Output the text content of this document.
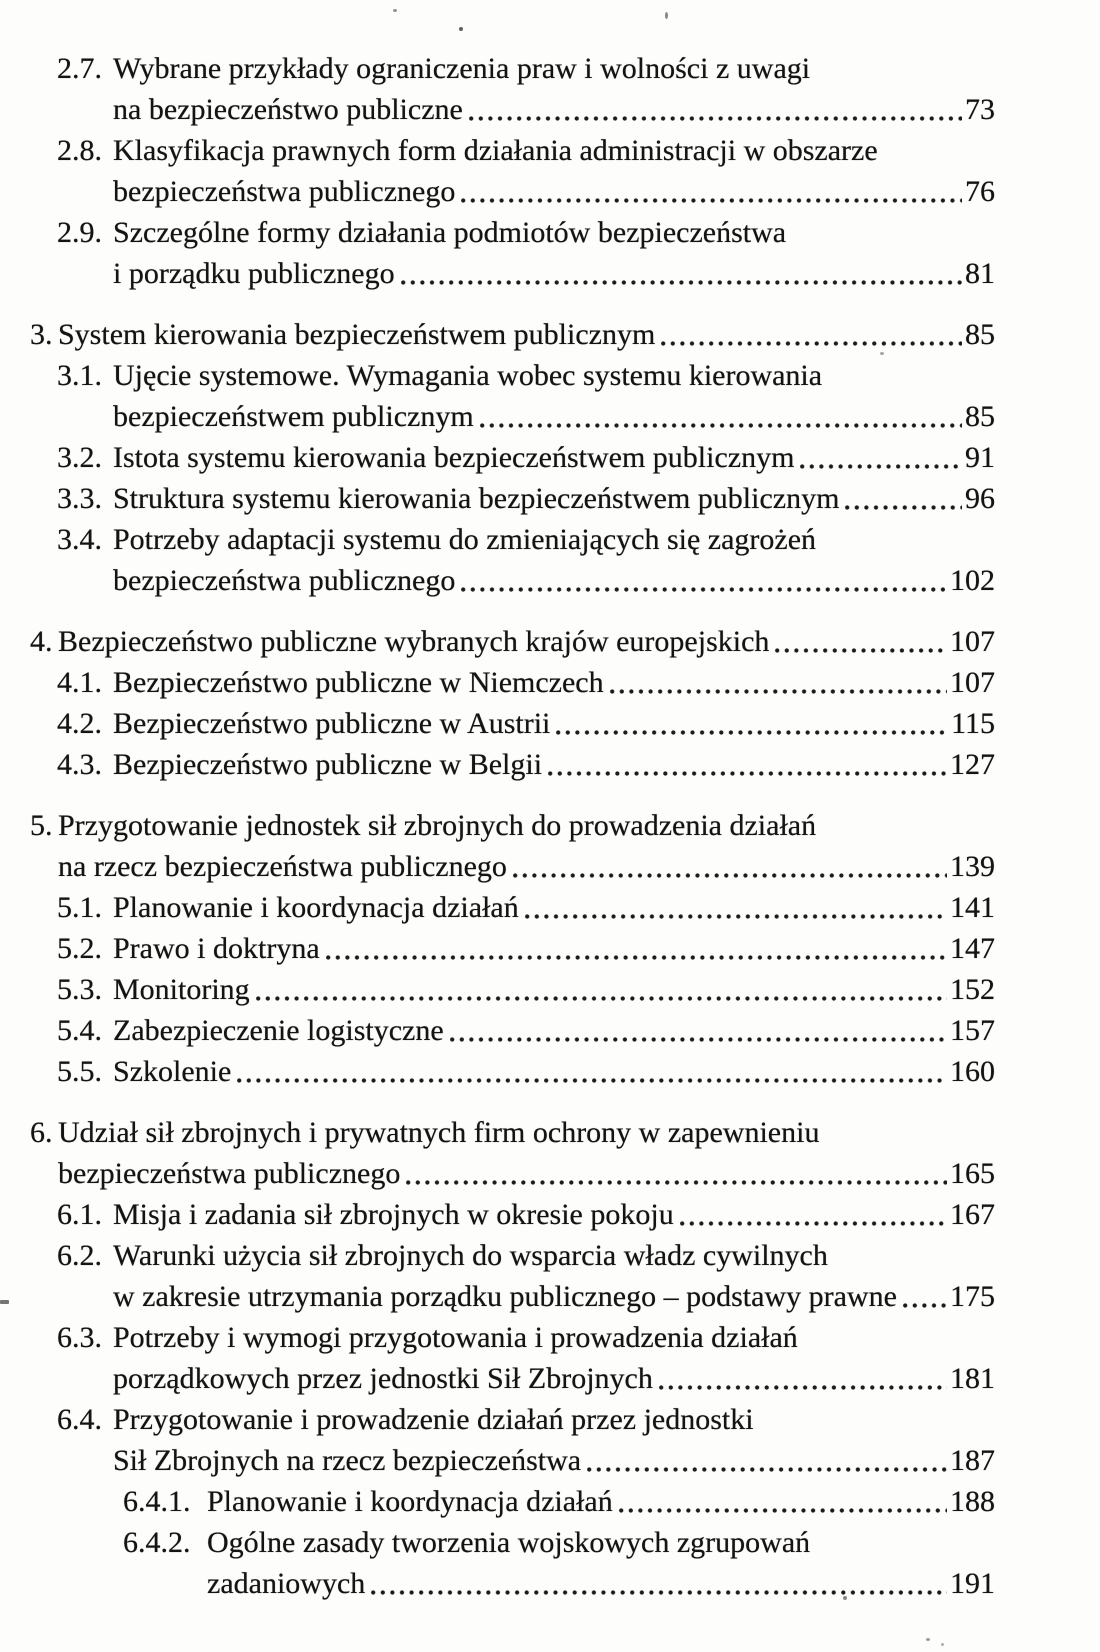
2.7. Wybrane przykłady ograniczenia praw i wolności z uwagi
na bezpieczeństwo publiczne	73
2.8. Klasyfikacja prawnych form działania administracji w obszarze
bezpieczeństwa publicznego	76
2.9. Szczególne formy działania podmiotów bezpieczeństwa
i porządku publicznego	81
3. System kierowania bezpieczeństwem publicznym	85
3.1. Ujęcie systemowe. Wymagania wobec systemu kierowania
bezpieczeństwem publicznym	85
3.2. Istota systemu kierowania bezpieczeństwem publicznym	91
3.3. Struktura systemu kierowania bezpieczeństwem publicznym	96
3.4. Potrzeby adaptacji systemu do zmieniających się zagrożeń
bezpieczeństwa publicznego	102
4. Bezpieczeństwo publiczne wybranych krajów europejskich	107
4.1. Bezpieczeństwo publiczne w Niemczech	107
4.2. Bezpieczeństwo publiczne w Austrii	115
4.3. Bezpieczeństwo publiczne w Belgii	127
5. Przygotowanie jednostek sił zbrojnych do prowadzenia działań
na rzecz bezpieczeństwa publicznego	139
5.1. Planowanie i koordynacja działań	141
5.2. Prawo i doktryna	147
5.3. Monitoring	152
5.4. Zabezpieczenie logistyczne	157
5.5. Szkolenie	160
6. Udział sił zbrojnych i prywatnych firm ochrony w zapewnieniu
bezpieczeństwa publicznego	165
6.1. Misja i zadania sił zbrojnych w okresie pokoju	167
6.2. Warunki użycia sił zbrojnych do wsparcia władz cywilnych
w zakresie utrzymania porządku publicznego – podstawy prawne 175
6.3. Potrzeby i wymogi przygotowania i prowadzenia działań
porządkowych przez jednostki Sił Zbrojnych	181
6.4. Przygotowanie i prowadzenie działań przez jednostki
Sił Zbrojnych na rzecz bezpieczeństwa	187
6.4.1. Planowanie i koordynacja działań	188
6.4.2. Ogólne zasady tworzenia wojskowych zgrupowań
zadaniowych	191
